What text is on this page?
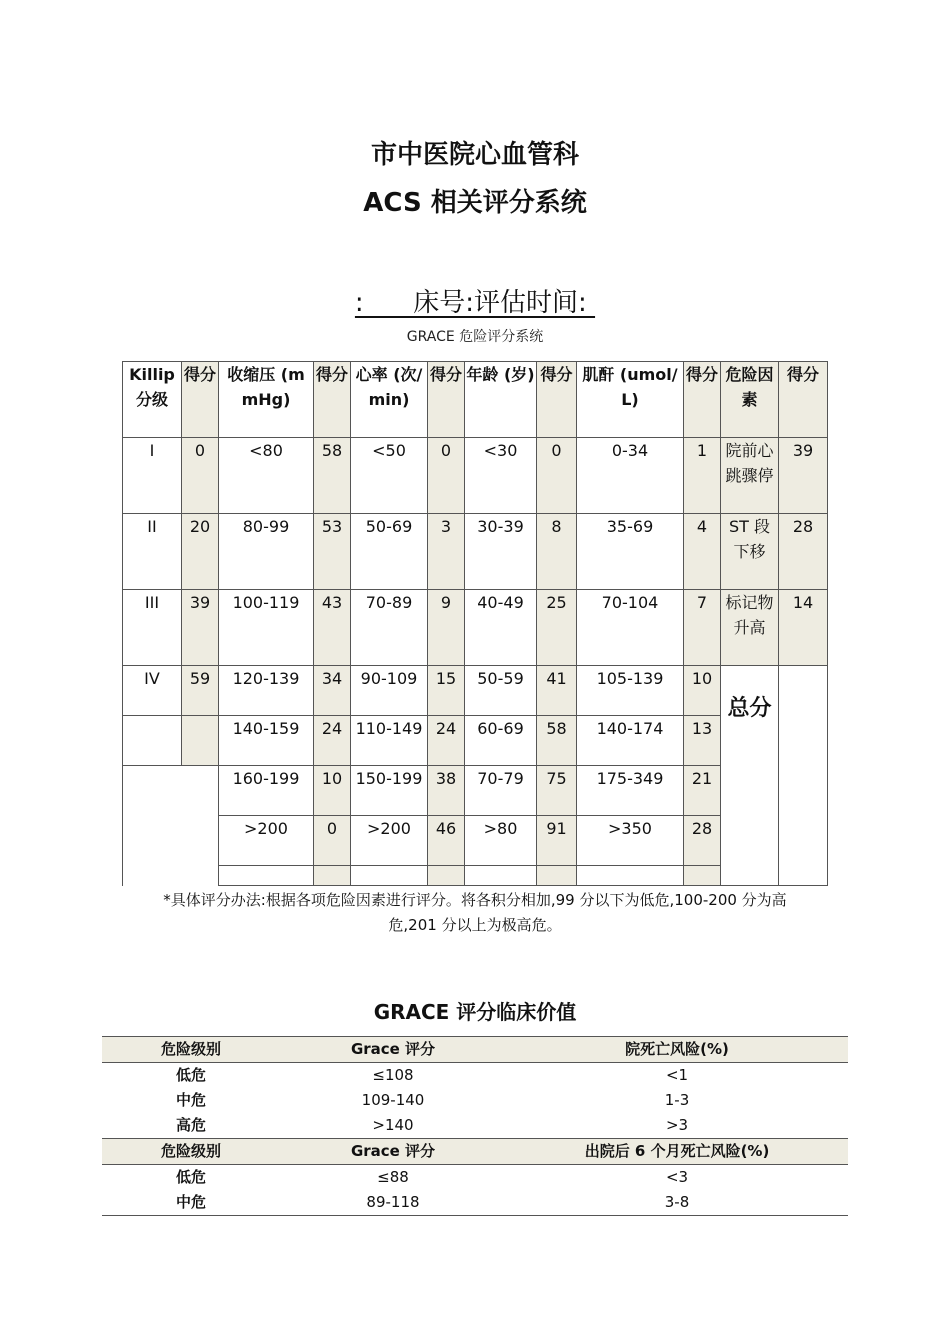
市中医院心血管科
ACS 相关评分系统
:      床号:评估时间:
GRACE 危险评分系统
Killip 分级	得分	收缩压 (mmHg)	得分	心率 (次/min)	得分	年龄 (岁)	得分	肌酐 (umol/L)	得分	危险因素	得分
I	0	<80	58	<50	0	<30	0	0-34	1	院前心跳骤停	39
II	20	80-99	53	50-69	3	30-39	8	35-69	4	ST 段下移	28
III	39	100-119	43	70-89	9	40-49	25	70-104	7	标记物升高	14
IV	59	120-139	34	90-109	15	50-59	41	105-139	10	总分	

		140-159	24	110-149	24	60-69	58	140-174	13		
		160-199	10	150-199	38	70-79	75	175-349	21		
		>200	0	>200	46	>80	91	>350	28		

*具体评分办法:根据各项危险因素进行评分。将各积分相加,99 分以下为低危,100-200 分为高危,201 分以上为极高危。
GRACE 评分临床价值
危险级别	Grace 评分	院死亡风险(%)
低危	≤108	<1
中危	109-140	1-3
高危	>140	>3
危险级别	Grace 评分	出院后 6 个月死亡风险(%)
低危	≤88	<3
中危	89-118	3-8
